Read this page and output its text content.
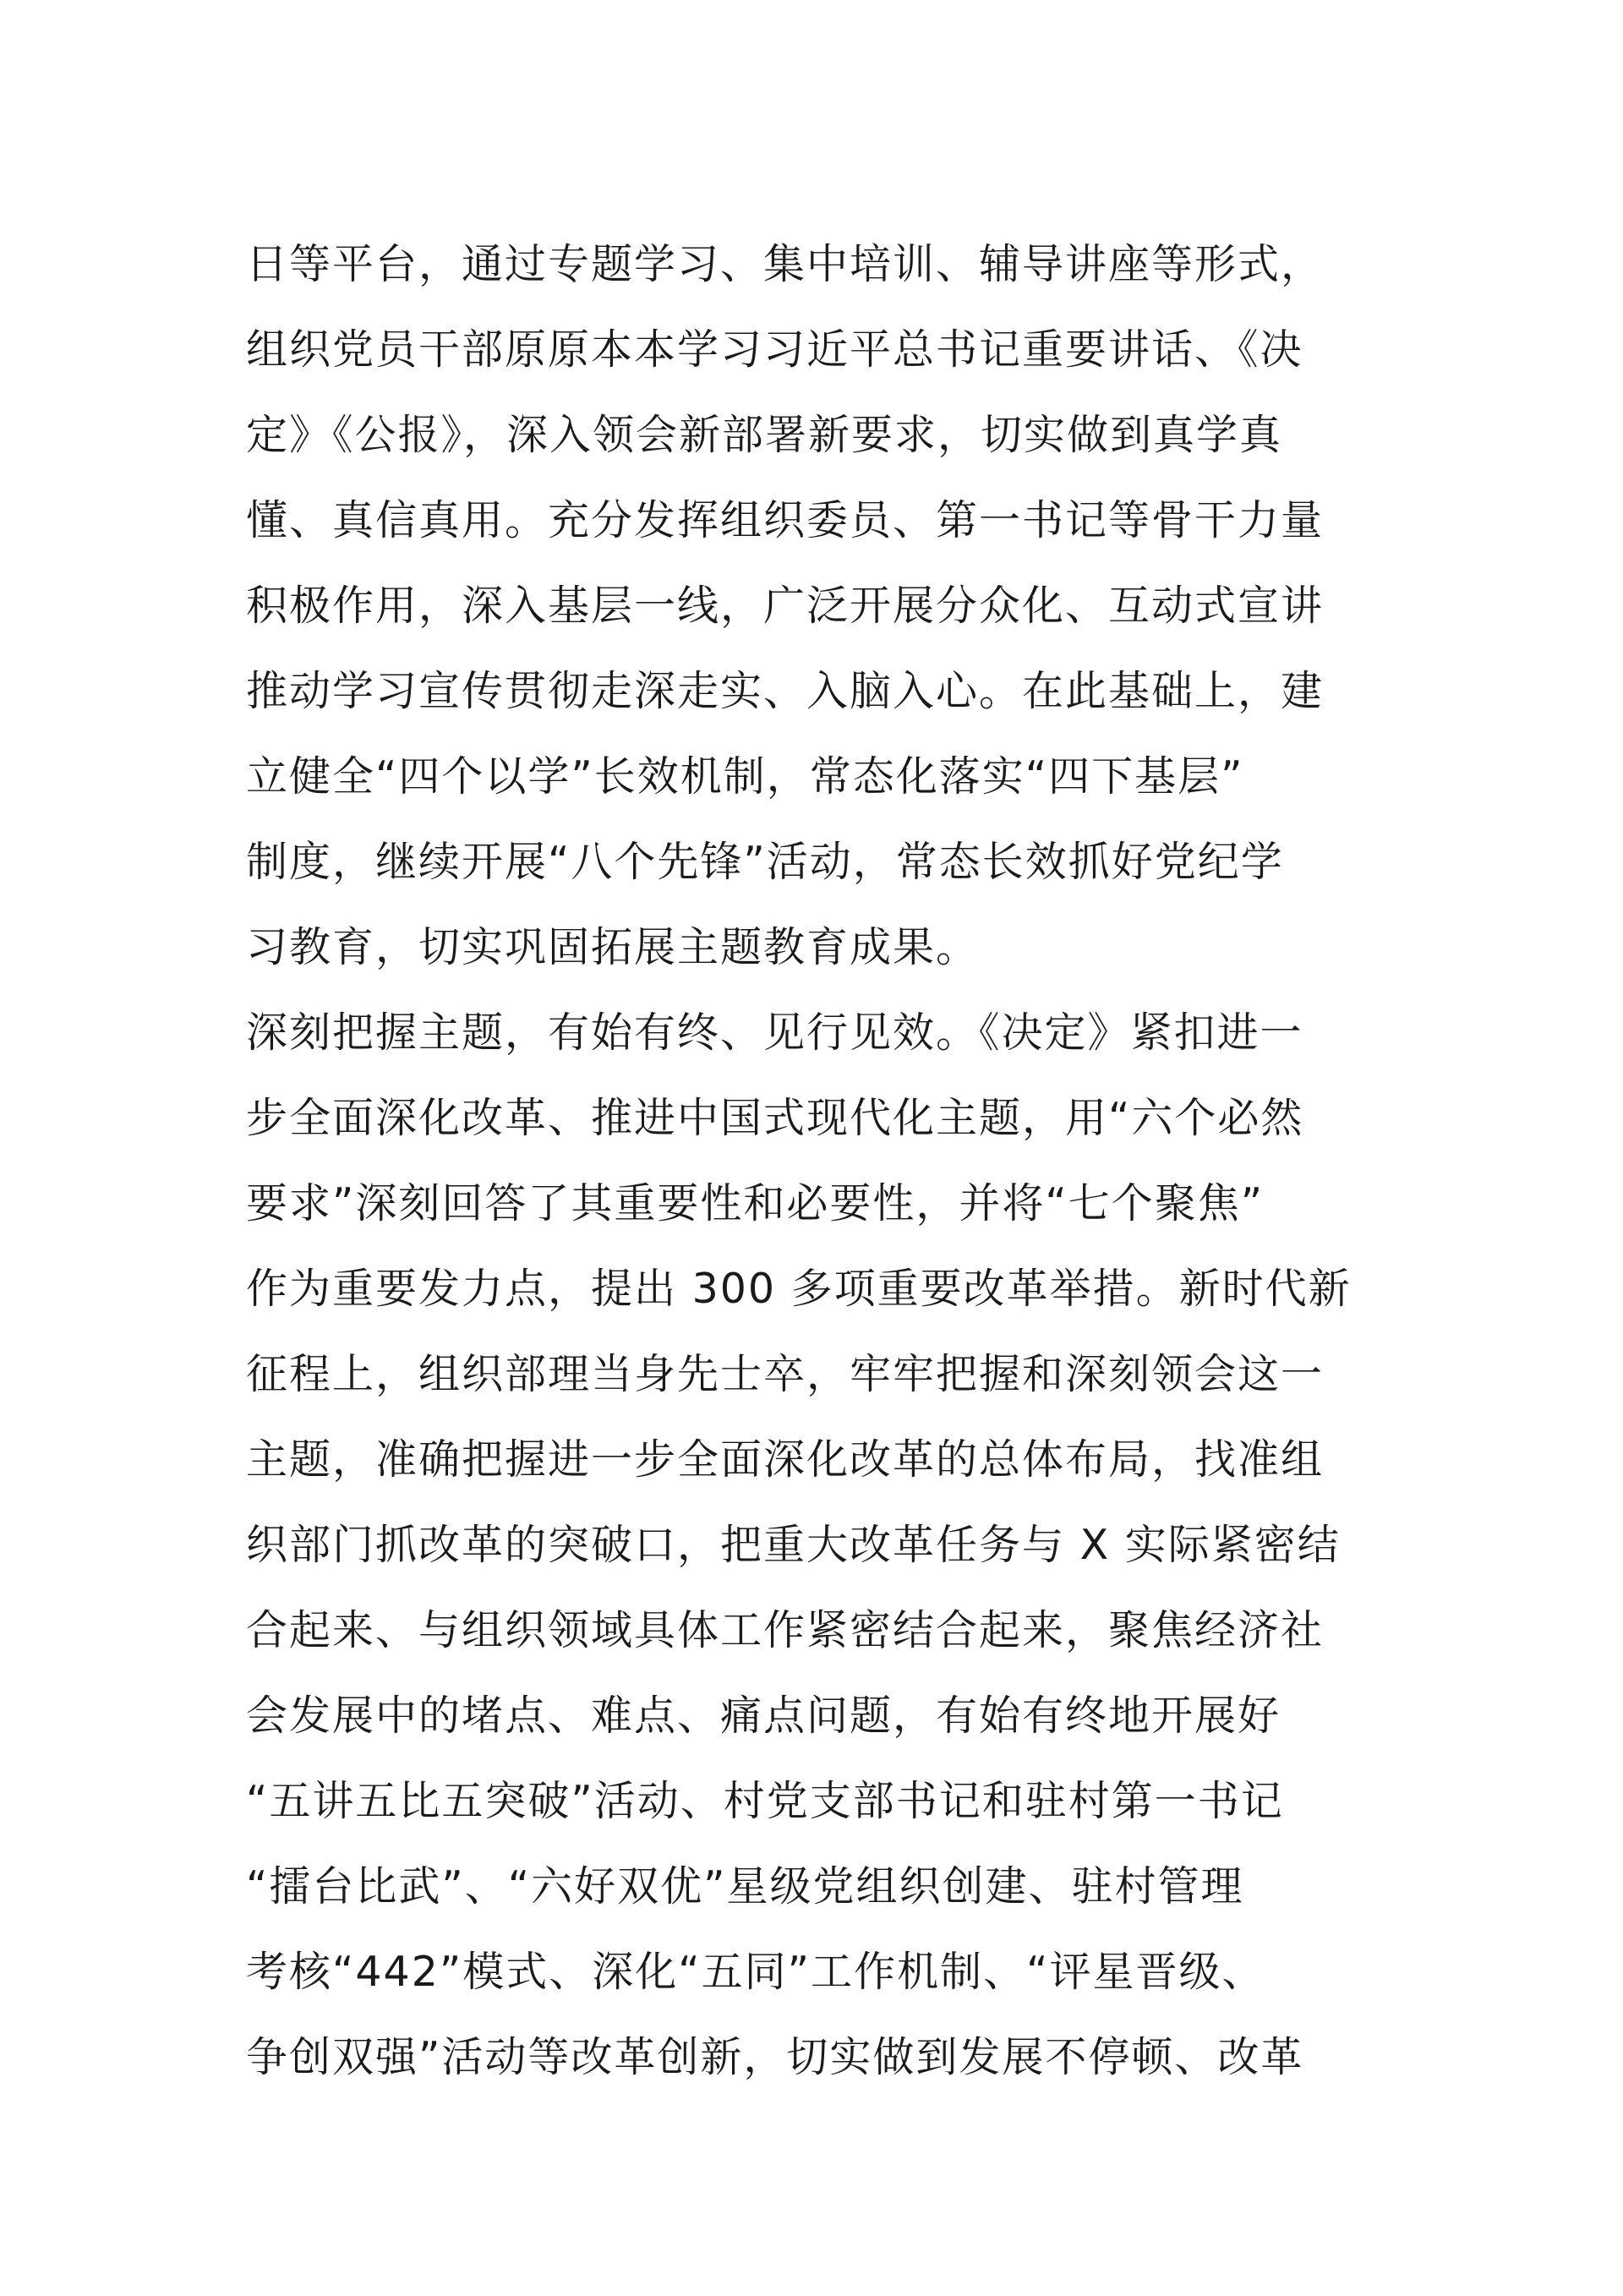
日等平台，通过专题学习、集中培训、辅导讲座等形式，
组织党员干部原原本本学习习近平总书记重要讲话、《决
定》《公报》，深入领会新部署新要求，切实做到真学真
懂、真信真用。充分发挥组织委员、第一书记等骨干力量
积极作用，深入基层一线，广泛开展分众化、互动式宣讲
推动学习宣传贯彻走深走实、入脑入心。在此基础上，建
立健全“四个以学”长效机制，常态化落实“四下基层”
制度，继续开展“八个先锋”活动，常态长效抓好党纪学
习教育，切实巩固拓展主题教育成果。
深刻把握主题，有始有终、见行见效。《决定》紧扣进一
步全面深化改革、推进中国式现代化主题，用“六个必然
要求”深刻回答了其重要性和必要性，并将“七个聚焦”
作为重要发力点，提出 300 多项重要改革举措。新时代新
征程上，组织部理当身先士卒，牢牢把握和深刻领会这一
主题，准确把握进一步全面深化改革的总体布局，找准组
织部门抓改革的突破口，把重大改革任务与 X 实际紧密结
合起来、与组织领域具体工作紧密结合起来，聚焦经济社
会发展中的堵点、难点、痛点问题，有始有终地开展好
“五讲五比五突破”活动、村党支部书记和驻村第一书记
“擂台比武”、“六好双优”星级党组织创建、驻村管理
考核“442”模式、深化“五同”工作机制、“评星晋级、
争创双强”活动等改革创新，切实做到发展不停顿、改革
